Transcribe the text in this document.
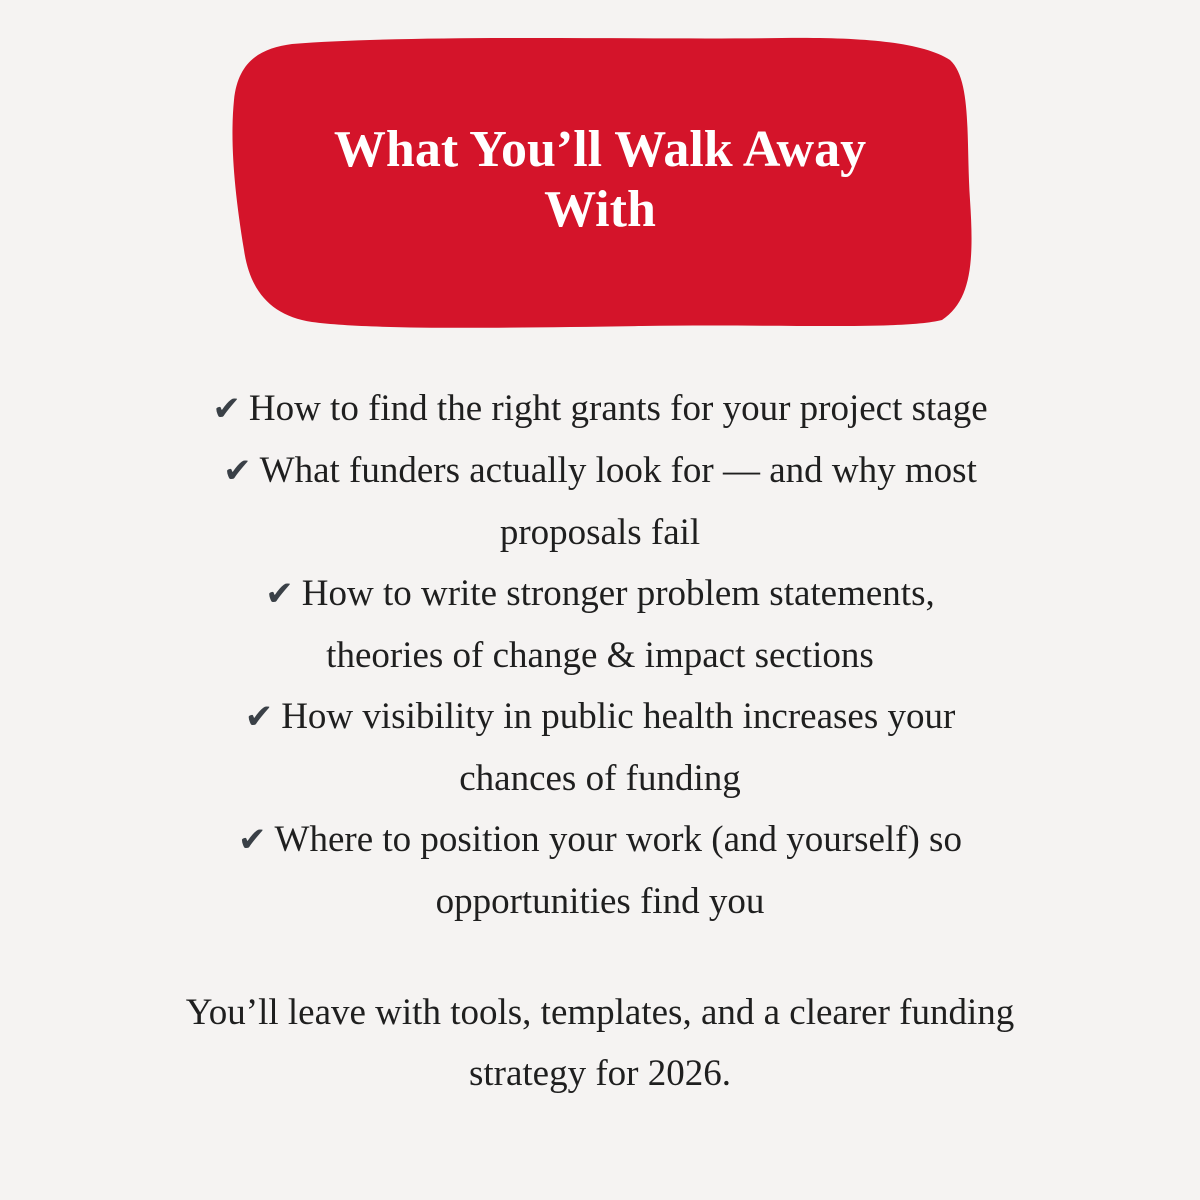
What You’ll Walk Away
With
✔ How to find the right grants for your project stage
✔ What funders actually look for — and why most
proposals fail
✔ How to write stronger problem statements,
theories of change & impact sections
✔ How visibility in public health increases your
chances of funding
✔ Where to position your work (and yourself) so
opportunities find you
You’ll leave with tools, templates, and a clearer funding
strategy for 2026.
